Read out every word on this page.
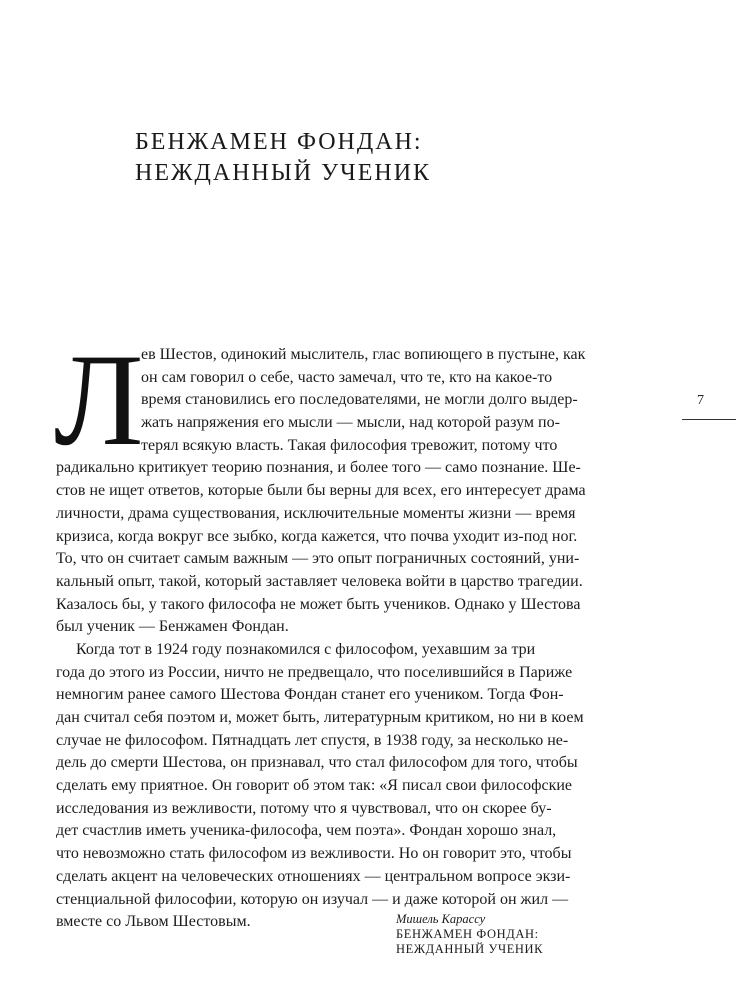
БЕНЖАМЕН ФОНДАН:
НЕЖДАННЫЙ УЧЕНИК
7
Л
ев Шестов, одинокий мыслитель, глас вопиющего в пустыне, как
он сам говорил о себе, часто замечал, что те, кто на какое-то
время становились его последователями, не могли долго выдер-
жать напряжения его мысли — мысли, над которой разум по-
терял всякую власть. Такая философия тревожит, потому что
радикально критикует теорию познания, и более того — само познание. Ше-
стов не ищет ответов, которые были бы верны для всех, его интересует драма
личности, драма существования, исключительные моменты жизни — время
кризиса, когда вокруг все зыбко, когда кажется, что почва уходит из-под ног.
То, что он считает самым важным — это опыт пограничных состояний, уни-
кальный опыт, такой, который заставляет человека войти в царство трагедии.
Казалось бы, у такого философа не может быть учеников. Однако у Шестова
был ученик — Бенжамен Фондан.
Когда тот в 1924 году познакомился с философом, уехавшим за три
года до этого из России, ничто не предвещало, что поселившийся в Париже
немногим ранее самого Шестова Фондан станет его учеником. Тогда Фон-
дан считал себя поэтом и, может быть, литературным критиком, но ни в коем
случае не философом. Пятнадцать лет спустя, в 1938 году, за несколько не-
дель до смерти Шестова, он признавал, что стал философом для того, чтобы
сделать ему приятное. Он говорит об этом так: «Я писал свои философские
исследования из вежливости, потому что я чувствовал, что он скорее бу-
дет счастлив иметь ученика-философа, чем поэта». Фондан хорошо знал,
что невозможно стать философом из вежливости. Но он говорит это, чтобы
сделать акцент на человеческих отношениях — центральном вопросе экзи-
стенциальной философии, которую он изучал — и даже которой он жил —
вместе со Львом Шестовым.	Мишель Карассу
БЕНЖАМЕН ФОНДАН:
НЕЖДАННЫЙ УЧЕНИК
